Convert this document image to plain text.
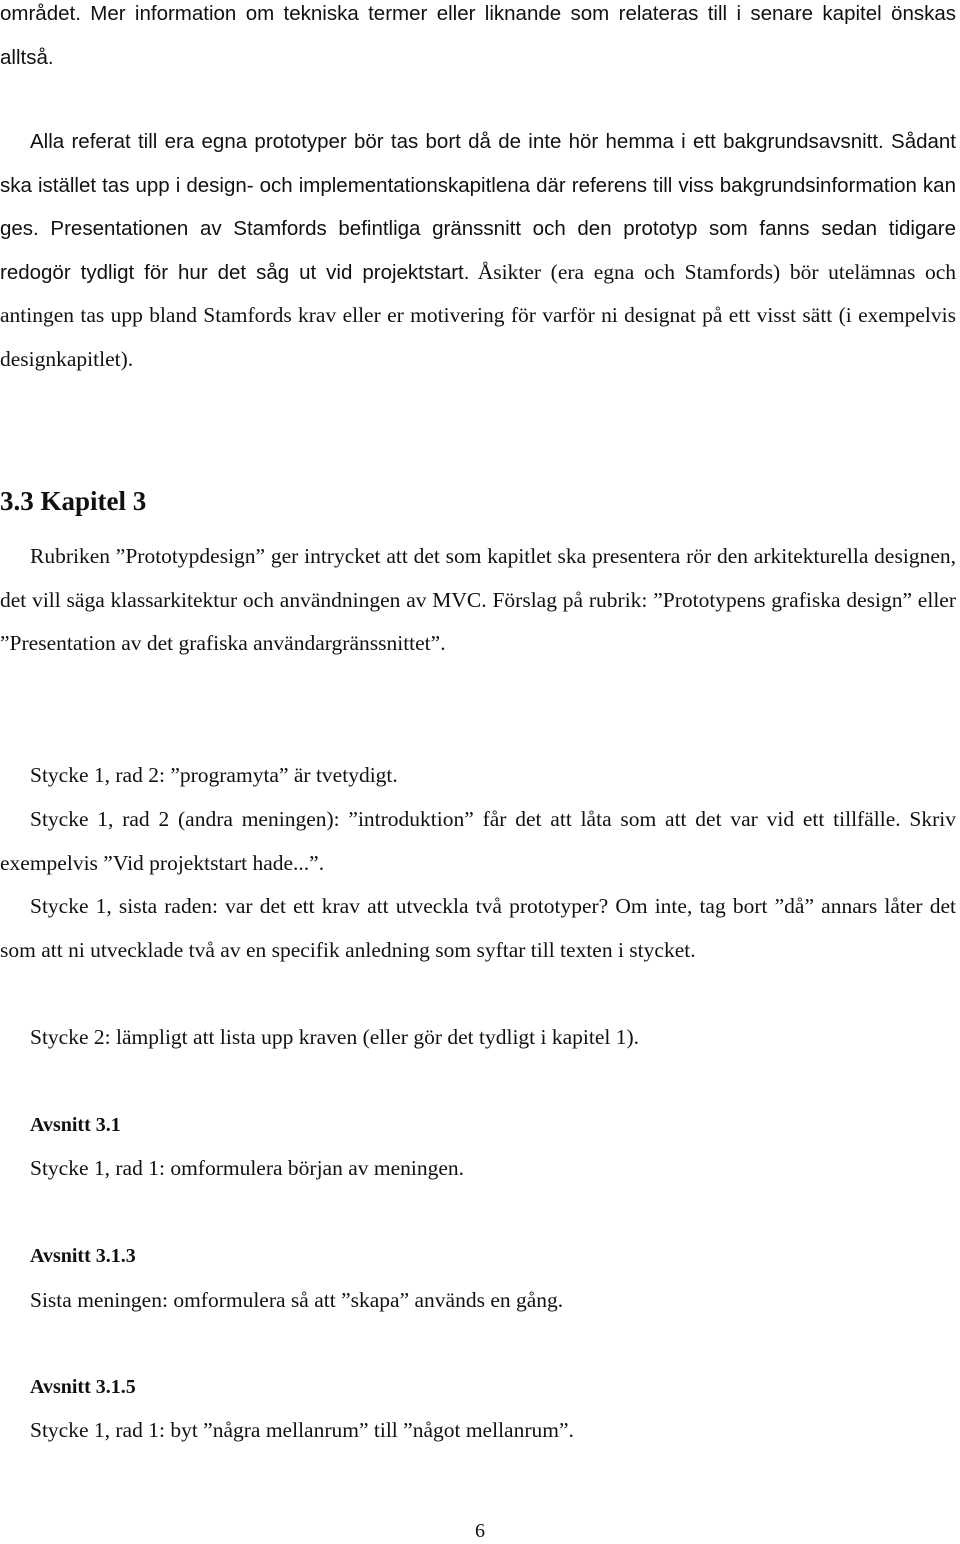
området. Mer information om tekniska termer eller liknande som relateras till i senare kapitel önskas alltså.

Alla referat till era egna prototyper bör tas bort då de inte hör hemma i ett bakgrundsavsnitt. Sådant ska istället tas upp i design- och implementationskapitlena där referens till viss bakgrundsinformation kan ges. Presentationen av Stamfords befintliga gränssnitt och den prototyp som fanns sedan tidigare redogör tydligt för hur det såg ut vid projektstart. Åsikter (era egna och Stamfords) bör utelämnas och antingen tas upp bland Stamfords krav eller er motivering för varför ni designat på ett visst sätt (i exempelvis designkapitlet).

3.3 Kapitel 3

Rubriken ”Prototypdesign” ger intrycket att det som kapitlet ska presentera rör den arkitekturella designen, det vill säga klassarkitektur och användningen av MVC. Förslag på rubrik: ”Prototypens grafiska design” eller ”Presentation av det grafiska användargränssnittet”.

Stycke 1, rad 2: ”programyta” är tvetydigt.

Stycke 1, rad 2 (andra meningen): ”introduktion” får det att låta som att det var vid ett tillfälle. Skriv exempelvis ”Vid projektstart hade...”.

Stycke 1, sista raden: var det ett krav att utveckla två prototyper? Om inte, tag bort ”då” annars låter det som att ni utvecklade två av en specifik anledning som syftar till texten i stycket.

Stycke 2: lämpligt att lista upp kraven (eller gör det tydligt i kapitel 1).

Avsnitt 3.1

Stycke 1, rad 1: omformulera början av meningen.

Avsnitt 3.1.3

Sista meningen: omformulera så att ”skapa” används en gång.

Avsnitt 3.1.5

Stycke 1, rad 1: byt ”några mellanrum” till ”något mellanrum”.

6
